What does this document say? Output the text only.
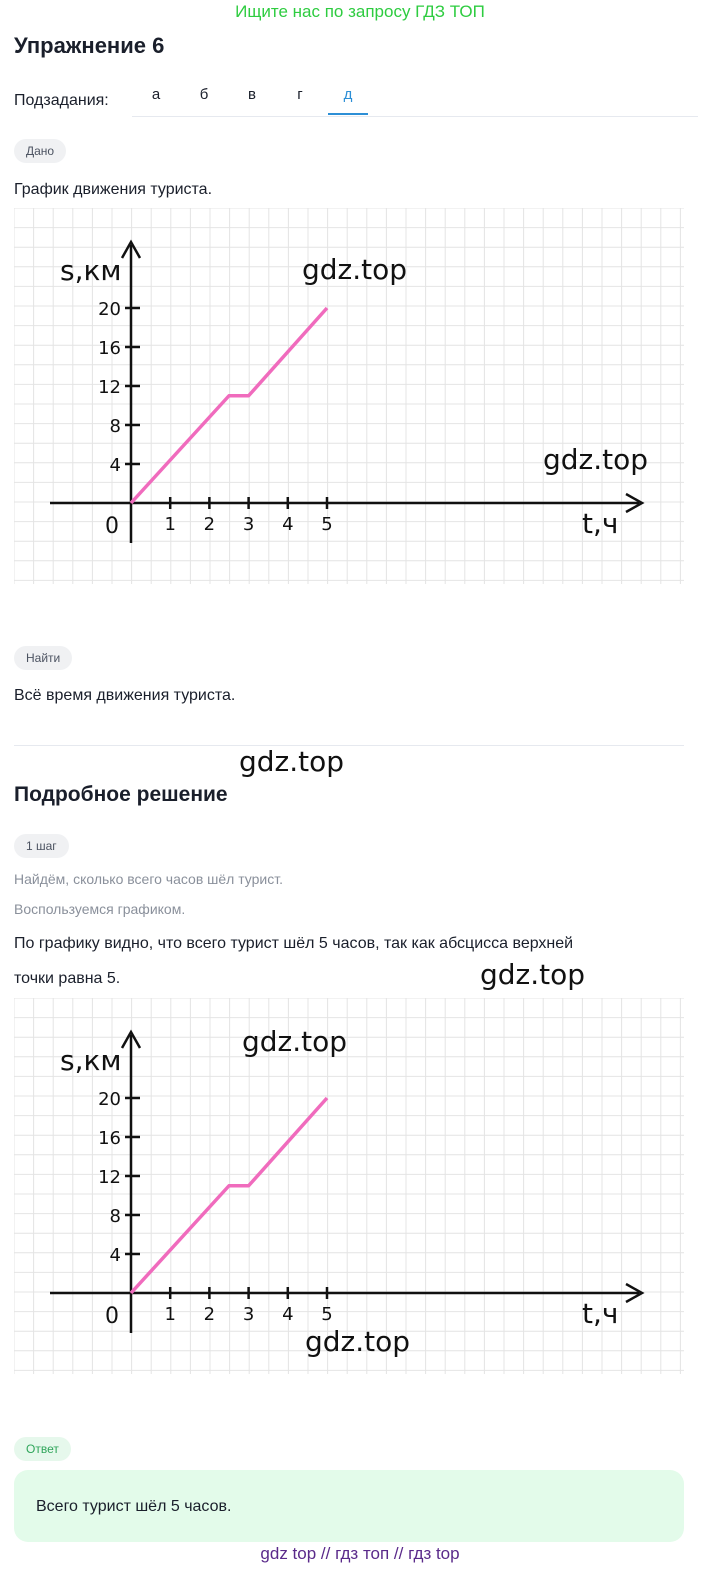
Ищите нас по запросу ГДЗ ТОП
Упражнение 6
Подзадания:	а	б	в	г	д
Дано
График движения туриста.
1 2 3 4 5
4
8
12
16
20
0
s,км
t,ч
gdz.top
gdz.top
Найти
Всё время движения туриста.
gdz.top
Подробное решение
1 шаг
Найдём, сколько всего часов шёл турист.
Воспользуемся графиком.
По графику видно, что всего турист шёл 5 часов, так как абсцисса верхней
точки равна 5.	gdz.top
1 2 3 4 5
4
8
12
16
20
0
s,км
t,ч
gdz.top
gdz.top
Ответ
Всего турист шёл 5 часов.
gdz top // гдз топ // гдз top
